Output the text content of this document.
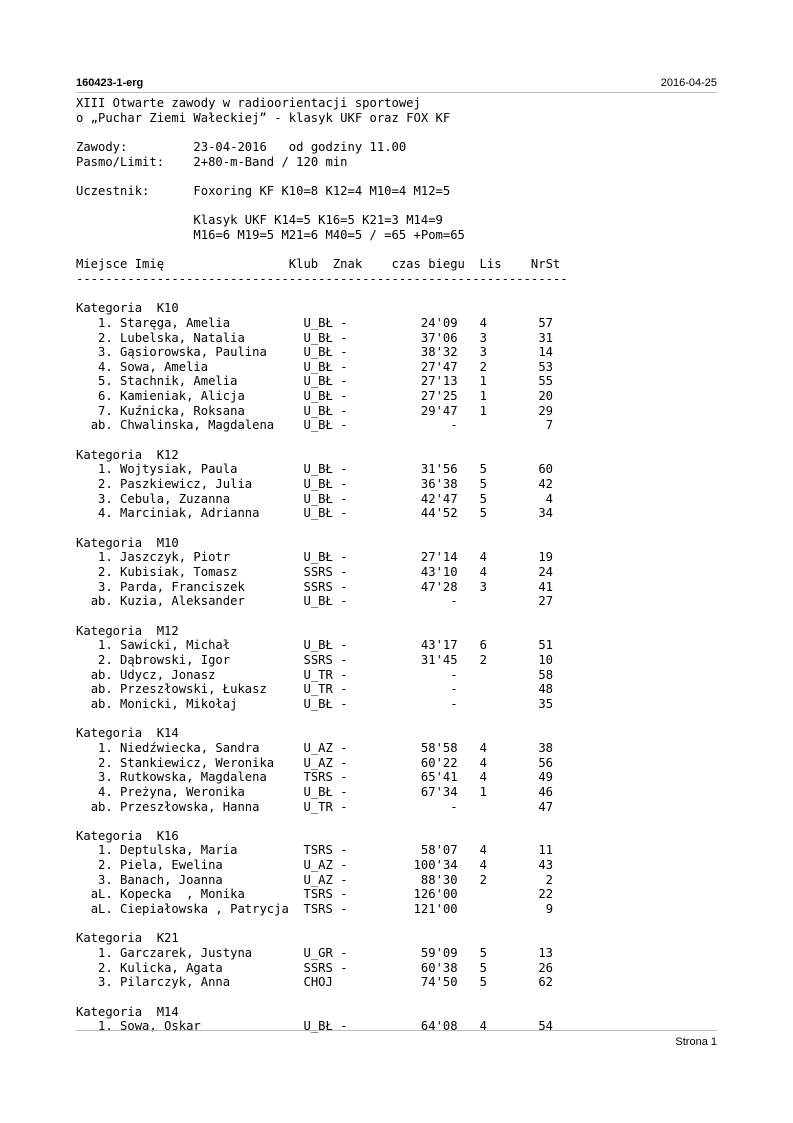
160423-1-erg	2016-04-25
XIII Otwarte zawody w radioorientacji sportowej
o „Puchar Ziemi Wałeckiej” - klasyk UKF oraz FOX KF

Zawody:	23-04-2016   od godziny 11.00
Pasmo/Limit: 2+80-m-Band / 120 min

Uczestnik:	Foxoring KF K10=8 K12=4 M10=4 M12=5

Klasyk UKF K14=5 K16=5 K21=3 M14=9
M16=6 M19=5 M21=6 M40=5 / =65 +Pom=65

Miejsce Imię                 Klub  Znak    czas biegu  Lis    NrSt
-------------------------------------------------------------------

Kategoria  K10
1. Staręga, Amelia	U_BŁ -	24'09 4	57
2. Lubelska, Natalia	U_BŁ -	37'06 3	31
3. Gąsiorowska, Paulina	U_BŁ -	38'32 3	14
4. Sowa, Amelia	U_BŁ -	27'47 2	53
5. Stachnik, Amelia	U_BŁ -	27'13 1	55
6. Kamieniak, Alicja	U_BŁ -	27'25 1	20
7. Kuźnicka, Roksana	U_BŁ -	29'47 1	29
ab. Chwalinska, Magdalena U_BŁ -	-	7

Kategoria  K12
1. Wojtysiak, Paula	U_BŁ -	31'56 5	60
2. Paszkiewicz, Julia	U_BŁ -	36'38 5	42
3. Cebula, Zuzanna	U_BŁ -	42'47 5	4
4. Marciniak, Adrianna	U_BŁ -	44'52 5	34

Kategoria  M10
1. Jaszczyk, Piotr	U_BŁ -	27'14 4	19
2. Kubisiak, Tomasz	SSRS -	43'10 4	24
3. Parda, Franciszek	SSRS -	47'28 3	41
ab. Kuzia, Aleksander	U_BŁ -	-	27

Kategoria  M12
1. Sawicki, Michał	U_BŁ -	43'17 6	51
2. Dąbrowski, Igor	SSRS -	31'45 2	10
ab. Udycz, Jonasz	U_TR -	-	58
ab. Przeszłowski, Łukasz	U_TR -	-	48
ab. Monicki, Mikołaj	U_BŁ -	-	35

Kategoria  K14
1. Niedźwiecka, Sandra	U_AZ -	58'58 4	38
2. Stankiewicz, Weronika U_AZ -	60'22 4	56
3. Rutkowska, Magdalena	TSRS -	65'41 4	49
4. Preżyna, Weronika	U_BŁ -	67'34 1	46
ab. Przeszłowska, Hanna	U_TR -	-	47

Kategoria  K16
1. Deptulska, Maria	TSRS -	58'07 4	11
2. Piela, Ewelina	U_AZ -	100'34 4	43
3. Banach, Joanna	U_AZ -	88'30 2	2
aL. Kopecka  , Monika	TSRS -	126'00	22
aL. Ciepiałowska , Patrycja TSRS -	121'00	9

Kategoria  K21
1. Garczarek, Justyna	U_GR -	59'09 5	13
2. Kulicka, Agata	SSRS -	60'38 5	26
3. Pilarczyk, Anna	CHOJ	74'50 5	62

Kategoria  M14
1. Sowa, Oskar	U_BŁ -	64'08 4	54

Strona 1
